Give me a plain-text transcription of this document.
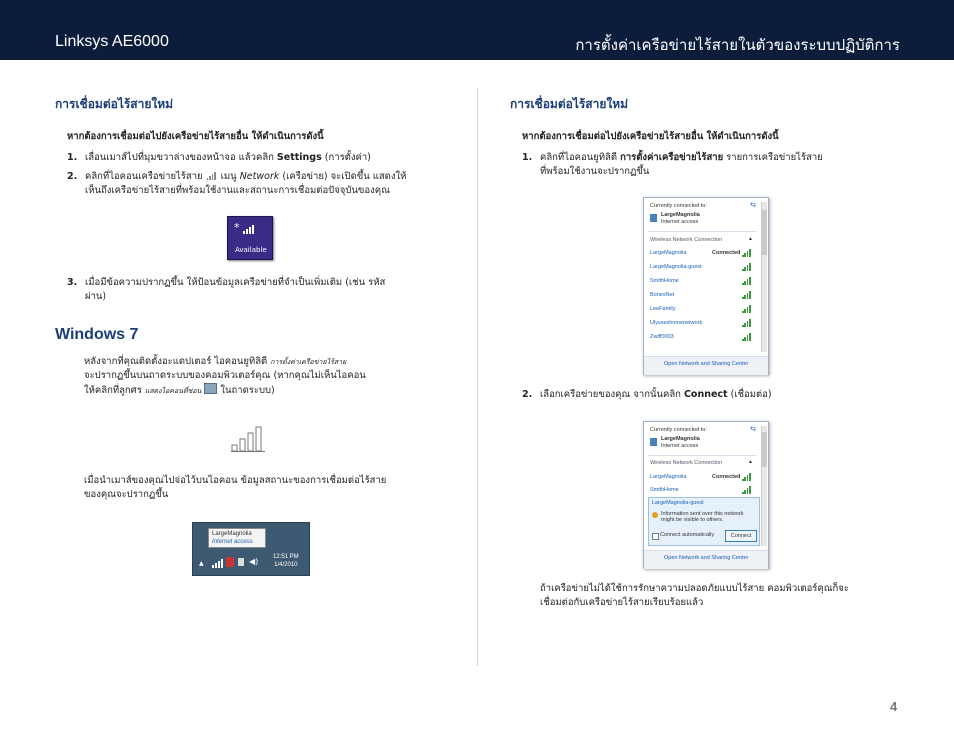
Linksys AE6000	การตั้งค่าเครือข่ายไร้สายในตัวของระบบปฏิบัติการ
การเชื่อมต่อไร้สายใหม่
หากต้องการเชื่อมต่อไปยังเครือข่ายไร้สายอื่น ให้ดำเนินการดังนี้
1. เลื่อนเมาส์ไปที่มุมขวาล่างของหน้าจอ แล้วคลิก Settings (การตั้งค่า)
2. คลิกที่ไอคอนเครือข่ายไร้สาย
เมนู Network (เครือข่าย) จะเปิดขึ้น แสดงให้
เห็นถึงเครือข่ายไร้สายที่พร้อมใช้งานและสถานะการเชื่อมต่อปัจจุบันของคุณ
*
Available
3. เมื่อมีข้อความปรากฏขึ้น ให้ป้อนข้อมูลเครือข่ายที่จำเป็นเพิ่มเติม (เช่น รหัส
ผ่าน)
Windows 7
หลังจากที่คุณติดตั้งอะแดปเตอร์ ไอคอนยูทิลิตี การตั้งค่าเครือข่ายไร้สาย
จะปรากฏขึ้นบนถาดระบบของคอมพิวเตอร์คุณ (หากคุณไม่เห็นไอคอน
ให้คลิกที่ลูกศร แสดงไอคอนที่ซ่อน  ในถาดระบบ)
เมื่อนำเมาส์ของคุณไปจ่อไว้บนไอคอน ข้อมูลสถานะของการเชื่อมต่อไร้สาย
ของคุณจะปรากฏขึ้น
LargeMagnolia
Internet access
▲	◀) 12:51 PM
1/4/2010
การเชื่อมต่อไร้สายใหม่
หากต้องการเชื่อมต่อไปยังเครือข่ายไร้สายอื่น ให้ดำเนินการดังนี้
1. คลิกที่ไอคอนยูทิลิตี การตั้งค่าเครือข่ายไร้สาย รายการเครือข่ายไร้สาย
ที่พร้อมใช้งานจะปรากฏขึ้น
Currently connected to:	⇆
LargeMagnolia
Internet access
Wireless Network Connection	▲
LargeMagnolia	Connected
LargeMagnolia-guest
SmithHome
BonesNet
LeeFamily
Ulysseshomenetwork
Zwiff0003
Open Network and Sharing Center
2. เลือกเครือข่ายของคุณ จากนั้นคลิก Connect (เชื่อมต่อ)
Currently connected to:	⇆
LargeMagnolia
Internet access
Wireless Network Connection	▲
LargeMagnolia	Connected
SmithHome
LargeMagnolia-guest
Information sent over this network
might be visible to others.
Connect automatically	Connect
Open Network and Sharing Center
ถ้าเครือข่ายไม่ได้ใช้การรักษาความปลอดภัยแบบไร้สาย คอมพิวเตอร์คุณก็จะ
เชื่อมต่อกับเครือข่ายไร้สายเรียบร้อยแล้ว
4
